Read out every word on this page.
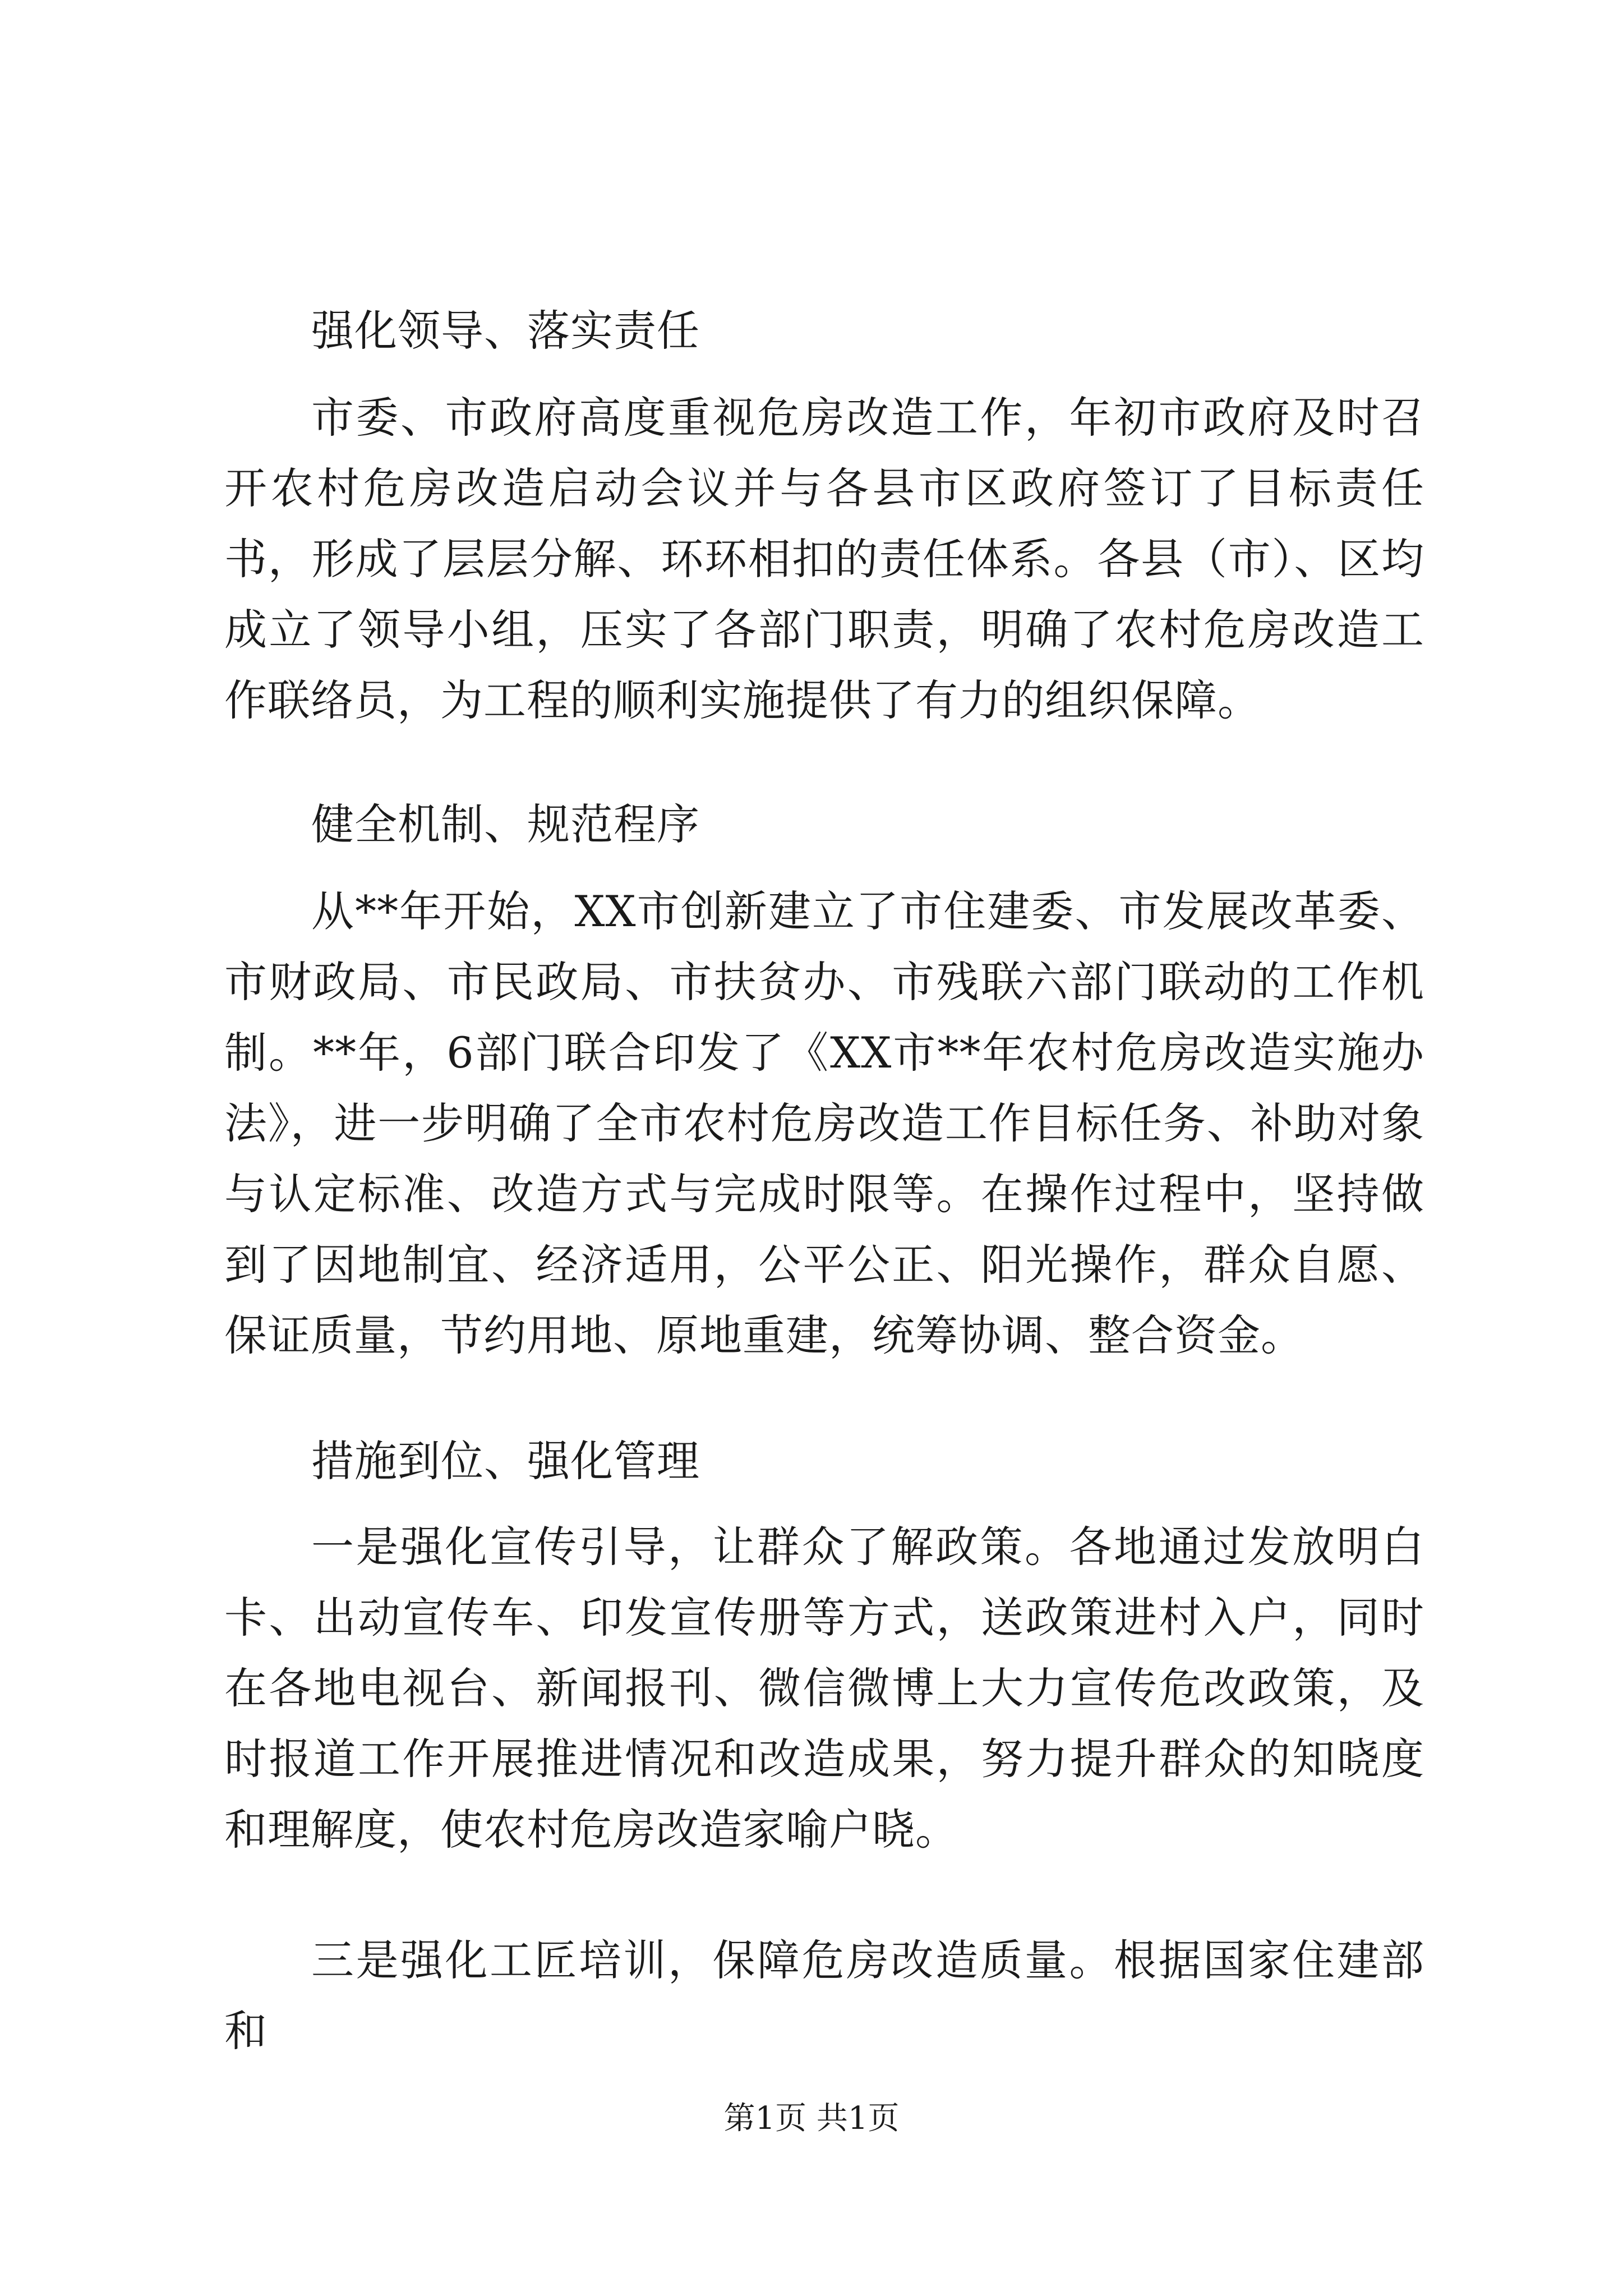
强化领导、落实责任
市委、市政府高度重视危房改造工作，年初市政府及时召开农村危房改造启动会议并与各县市区政府签订了目标责任书，形成了层层分解、环环相扣的责任体系。各县（市）、区均成立了领导小组，压实了各部门职责，明确了农村危房改造工作联络员，为工程的顺利实施提供了有力的组织保障。
健全机制、规范程序
从**年开始，XX市创新建立了市住建委、市发展改革委、市财政局、市民政局、市扶贫办、市残联六部门联动的工作机制。**年，6部门联合印发了《XX市**年农村危房改造实施办法》，进一步明确了全市农村危房改造工作目标任务、补助对象与认定标准、改造方式与完成时限等。在操作过程中，坚持做到了因地制宜、经济适用，公平公正、阳光操作，群众自愿、保证质量，节约用地、原地重建，统筹协调、整合资金。
措施到位、强化管理
一是强化宣传引导，让群众了解政策。各地通过发放明白卡、出动宣传车、印发宣传册等方式，送政策进村入户，同时在各地电视台、新闻报刊、微信微博上大力宣传危改政策，及时报道工作开展推进情况和改造成果，努力提升群众的知晓度和理解度，使农村危房改造家喻户晓。
三是强化工匠培训，保障危房改造质量。根据国家住建部和
第1页 共1页
